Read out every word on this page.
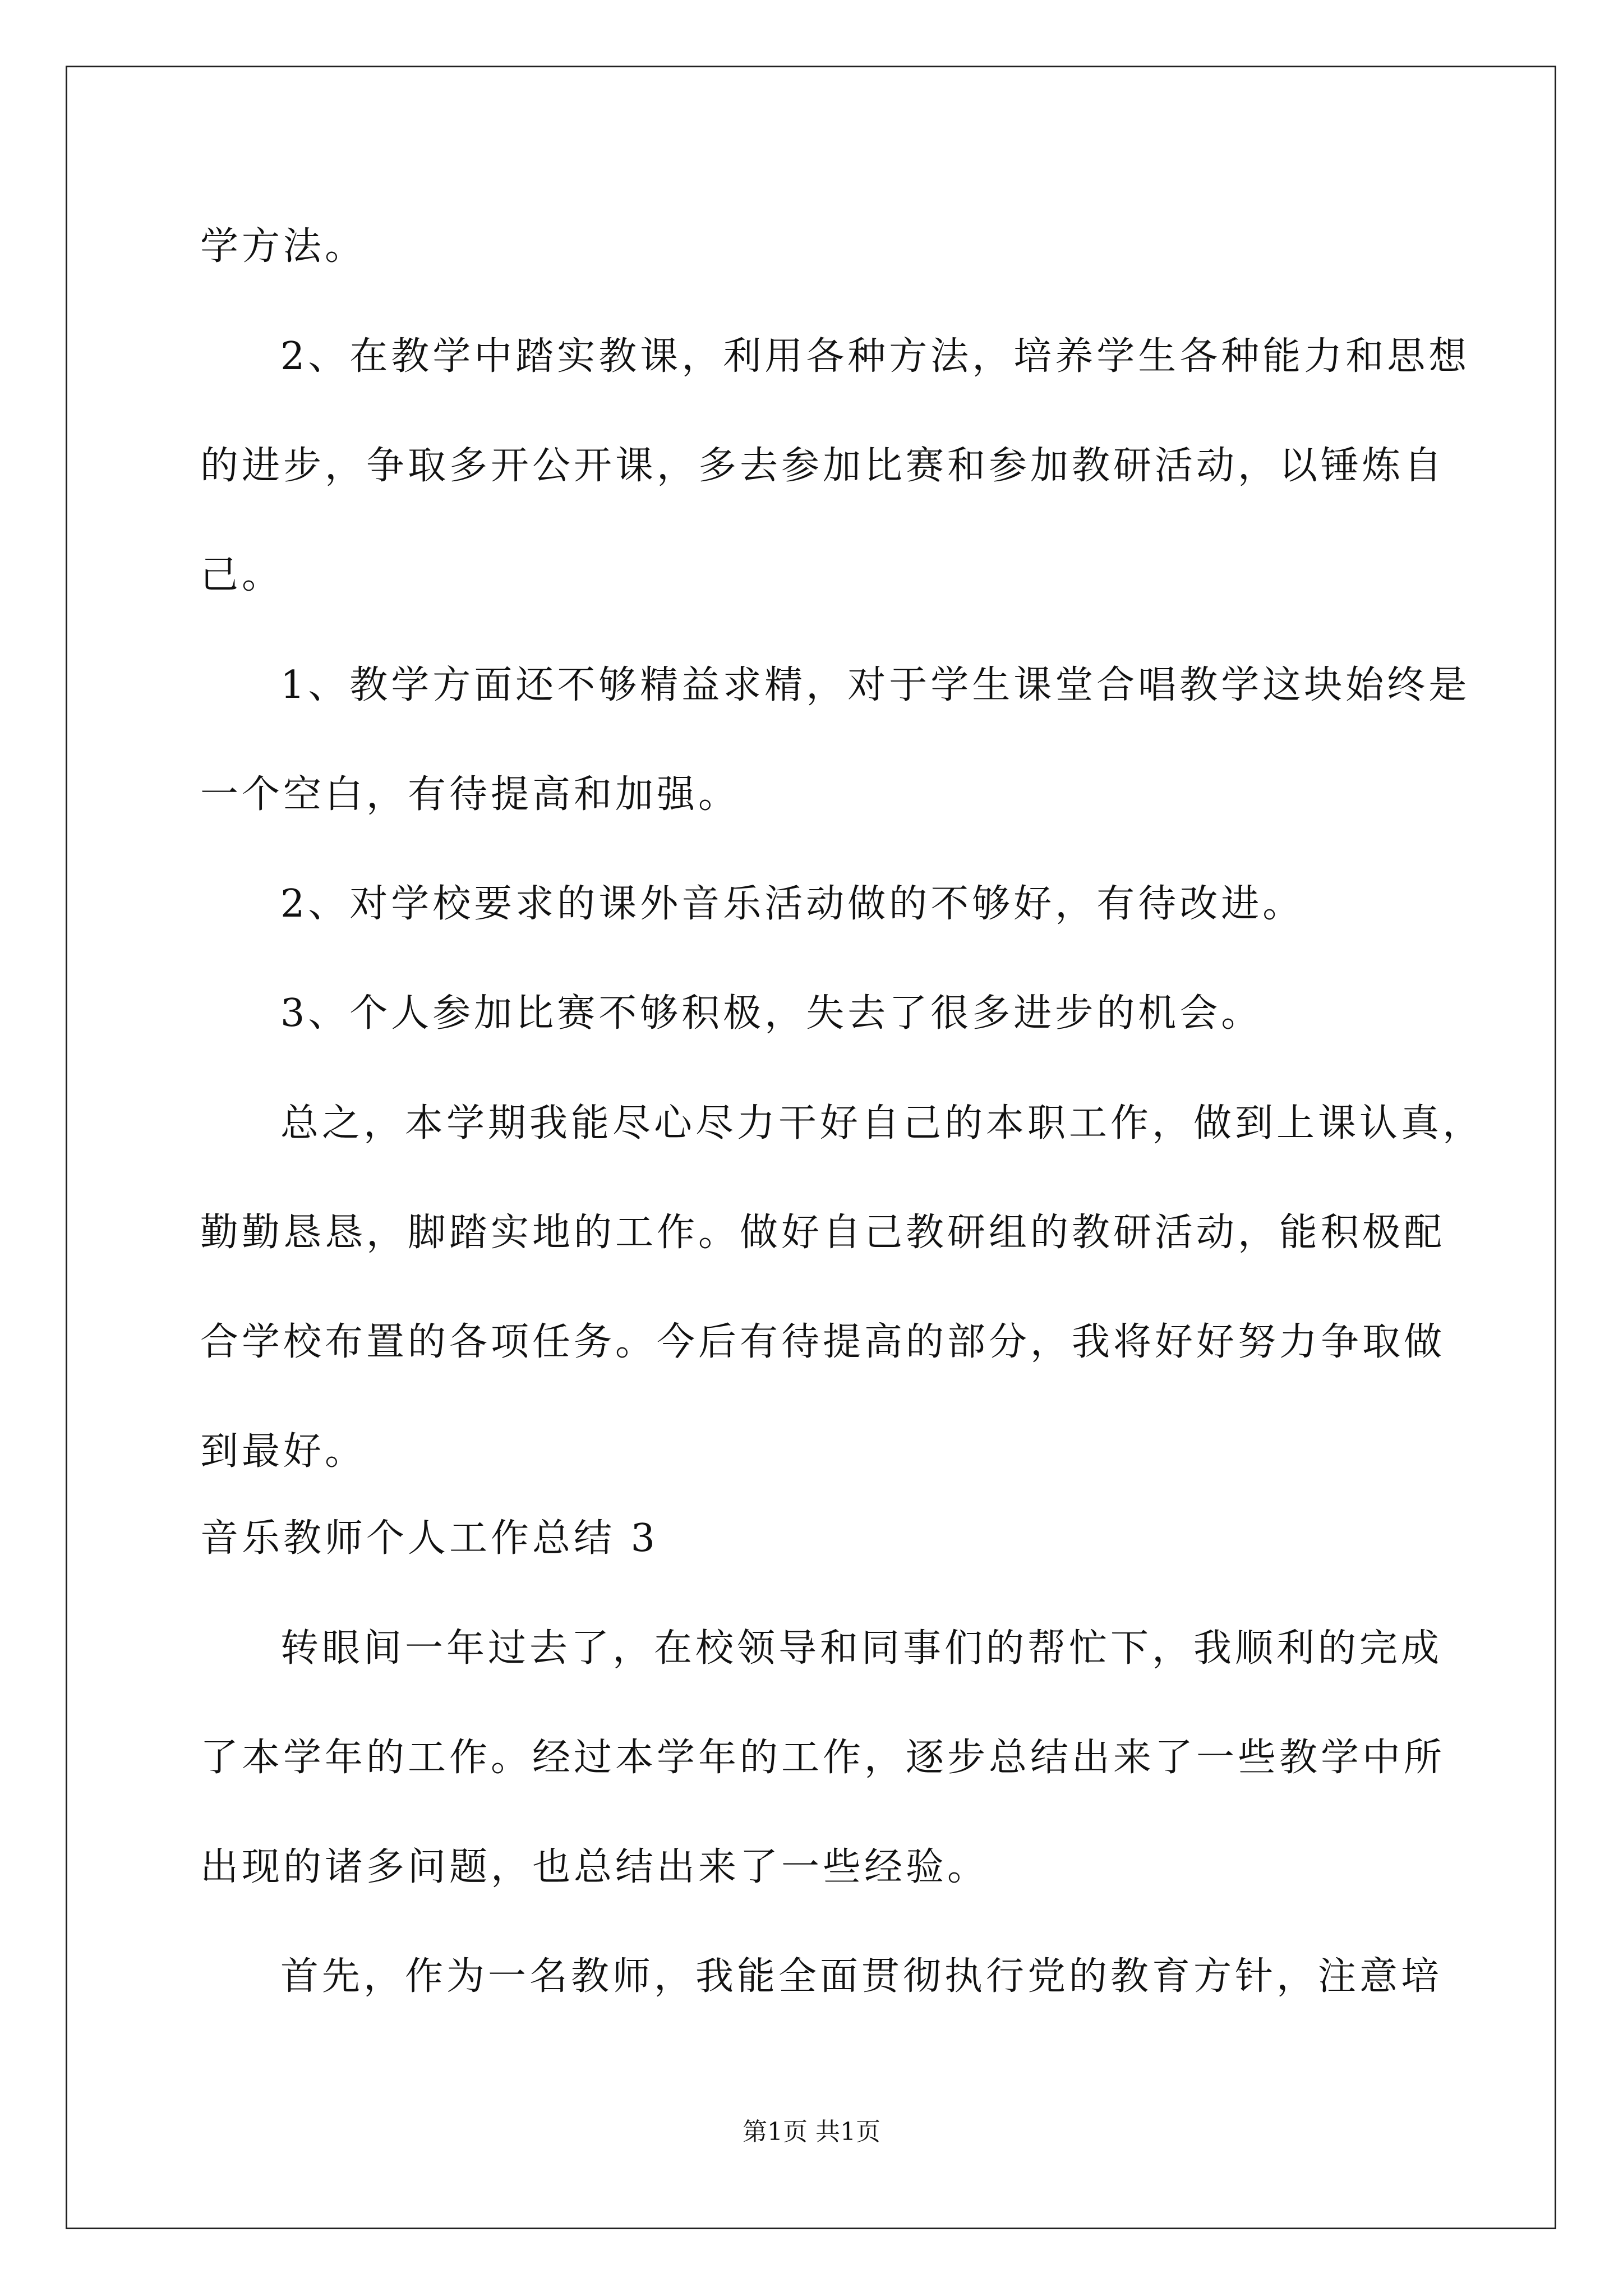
学方法。
2、在教学中踏实教课，利用各种方法，培养学生各种能力和思想
的进步，争取多开公开课，多去参加比赛和参加教研活动，以锤炼自
己。
1、教学方面还不够精益求精，对于学生课堂合唱教学这块始终是
一个空白，有待提高和加强。
2、对学校要求的课外音乐活动做的不够好，有待改进。
3、个人参加比赛不够积极，失去了很多进步的机会。
总之，本学期我能尽心尽力干好自己的本职工作，做到上课认真，
勤勤恳恳，脚踏实地的工作。做好自己教研组的教研活动，能积极配
合学校布置的各项任务。今后有待提高的部分，我将好好努力争取做
到最好。
音乐教师个人工作总结 3
转眼间一年过去了，在校领导和同事们的帮忙下，我顺利的完成
了本学年的工作。经过本学年的工作，逐步总结出来了一些教学中所
出现的诸多问题，也总结出来了一些经验。
首先，作为一名教师，我能全面贯彻执行党的教育方针，注意培
第1页 共1页
